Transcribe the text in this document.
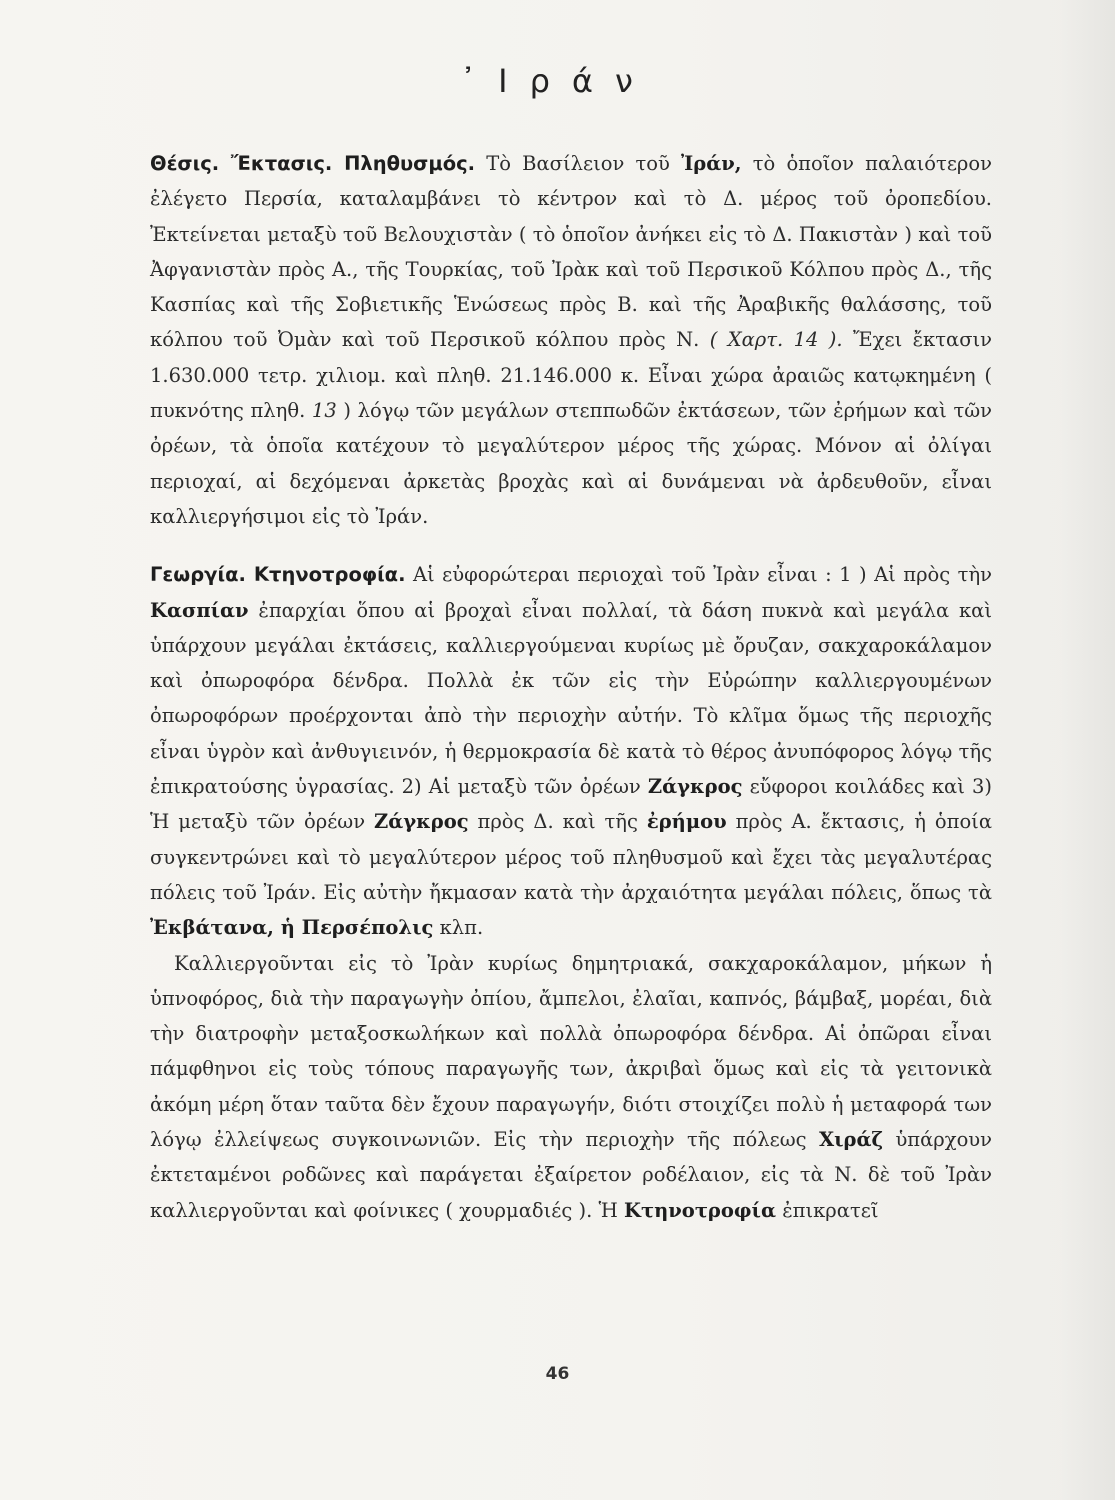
᾿Ιράν

Θέσις. Ἔκτασις. Πληθυσμός. Τὸ Βασίλειον τοῦ Ἰράν, τὸ ὁποῖον παλαιότερον ἐλέγετο Περσία, καταλαμβάνει τὸ κέντρον καὶ τὸ Δ. μέρος τοῦ ὀροπεδίου. Ἐκτείνεται μεταξὺ τοῦ Βελουχιστὰν ( τὸ ὁποῖον ἀνήκει εἰς τὸ Δ. Πακιστὰν ) καὶ τοῦ Ἀφγανιστὰν πρὸς Α., τῆς Τουρκίας, τοῦ Ἰρὰκ καὶ τοῦ Περσικοῦ Κόλπου πρὸς Δ., τῆς Κασπίας καὶ τῆς Σοβιετικῆς Ἑνώσεως πρὸς Β. καὶ τῆς Ἀραβικῆς θαλάσσης, τοῦ κόλπου τοῦ Ὀμὰν καὶ τοῦ Περσικοῦ κόλπου πρὸς Ν. ( Χαρτ. 14 ). Ἔχει ἔκτασιν 1.630.000 τετρ. χιλιομ. καὶ πληθ. 21.146.000 κ. Εἶναι χώρα ἀραιῶς κατῳκημένη ( πυκνότης πληθ. 13 ) λόγῳ τῶν μεγάλων στεππωδῶν ἐκτάσεων, τῶν ἐρήμων καὶ τῶν ὀρέων, τὰ ὁποῖα κατέχουν τὸ μεγαλύτερον μέρος τῆς χώρας. Μόνον αἱ ὀλίγαι περιοχαί, αἱ δεχόμεναι ἀρκετὰς βροχὰς καὶ αἱ δυνάμεναι νὰ ἀρδευθοῦν, εἶναι καλλιεργήσιμοι εἰς τὸ Ἰράν.

Γεωργία. Κτηνοτροφία. Αἱ εὐφορώτεραι περιοχαὶ τοῦ Ἰρὰν εἶναι : 1 ) Αἱ πρὸς τὴν Κασπίαν ἐπαρχίαι ὅπου αἱ βροχαὶ εἶναι πολλαί, τὰ δάση πυκνὰ καὶ μεγάλα καὶ ὑπάρχουν μεγάλαι ἐκτάσεις, καλλιεργούμεναι κυρίως μὲ ὄρυζαν, σακχαροκάλαμον καὶ ὀπωροφόρα δένδρα. Πολλὰ ἐκ τῶν εἰς τὴν Εὐρώπην καλλιεργουμένων ὀπωροφόρων προέρχονται ἀπὸ τὴν περιοχὴν αὐτήν. Τὸ κλῖμα ὅμως τῆς περιοχῆς εἶναι ὑγρὸν καὶ ἀνθυγιεινόν, ἡ θερμοκρασία δὲ κατὰ τὸ θέρος ἀνυπόφορος λόγῳ τῆς ἐπικρατούσης ὑγρασίας. 2) Αἱ μεταξὺ τῶν ὀρέων Ζάγκρος εὔφοροι κοιλάδες καὶ 3) Ἡ μεταξὺ τῶν ὀρέων Ζάγκρος πρὸς Δ. καὶ τῆς ἐρήμου πρὸς Α. ἔκτασις, ἡ ὁποία συγκεντρώνει καὶ τὸ μεγαλύτερον μέρος τοῦ πληθυσμοῦ καὶ ἔχει τὰς μεγαλυτέρας πόλεις τοῦ Ἰράν. Εἰς αὐτὴν ἤκμασαν κατὰ τὴν ἀρχαιότητα μεγάλαι πόλεις, ὅπως τὰ Ἐκβάτανα, ἡ Περσέπολις κλπ.

Καλλιεργοῦνται εἰς τὸ Ἰρὰν κυρίως δημητριακά, σακχαροκάλαμον, μήκων ἡ ὑπνοφόρος, διὰ τὴν παραγωγὴν ὀπίου, ἄμπελοι, ἐλαῖαι, καπνός, βάμβαξ, μορέαι, διὰ τὴν διατροφὴν μεταξοσκωλήκων καὶ πολλὰ ὀπωροφόρα δένδρα. Αἱ ὀπῶραι εἶναι πάμφθηνοι εἰς τοὺς τόπους παραγωγῆς των, ἀκριβαὶ ὅμως καὶ εἰς τὰ γειτονικὰ ἀκόμη μέρη ὅταν ταῦτα δὲν ἔχουν παραγωγήν, διότι στοιχίζει πολὺ ἡ μεταφορά των λόγῳ ἐλλείψεως συγκοινωνιῶν. Εἰς τὴν περιοχὴν τῆς πόλεως Χιράζ ὑπάρχουν ἐκτεταμένοι ροδῶνες καὶ παράγεται ἐξαίρετον ροδέλαιον, εἰς τὰ Ν. δὲ τοῦ Ἰρὰν καλλιεργοῦνται καὶ φοίνικες ( χουρμαδιές ). Ἡ Κτηνοτροφία ἐπικρατεῖ

46
